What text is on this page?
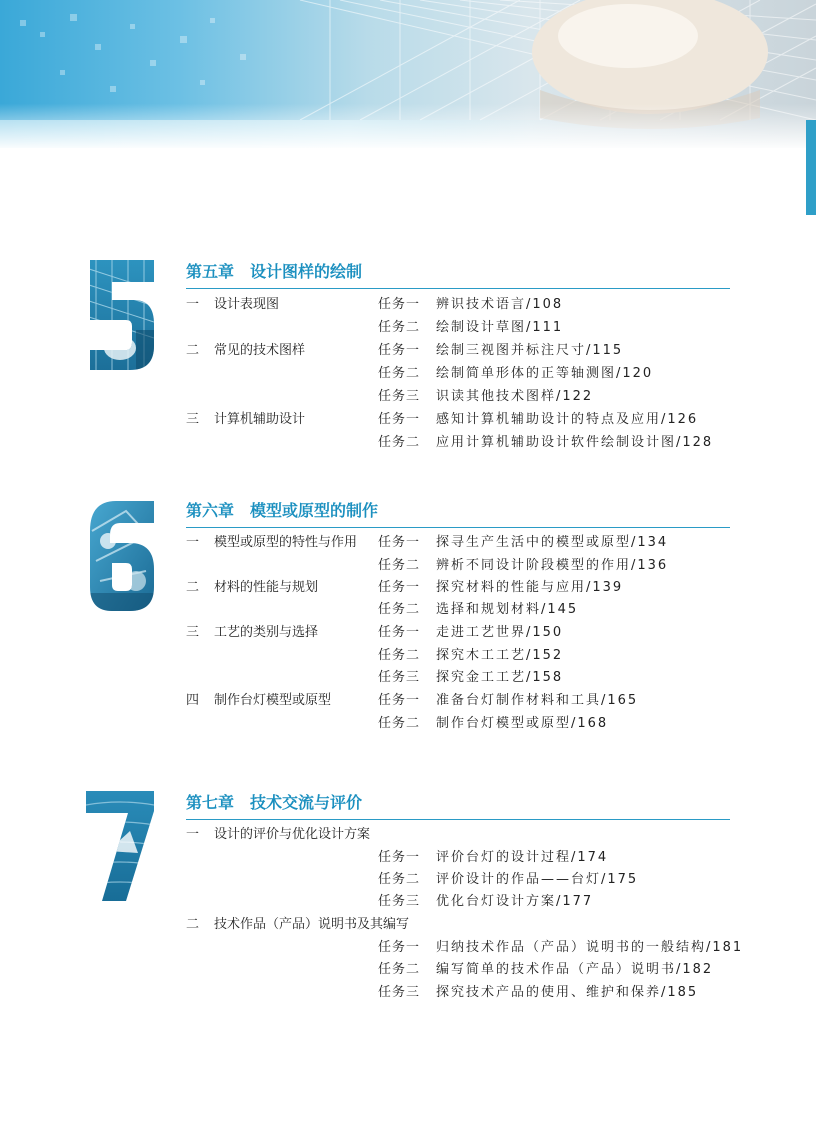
第五章 设计图样的绘制
一	设计表现图	任务一 辨识技术语言/108
任务二 绘制设计草图/111
二	常见的技术图样	任务一 绘制三视图并标注尺寸/115
任务二 绘制简单形体的正等轴测图/120
任务三 识读其他技术图样/122
三	计算机辅助设计	任务一 感知计算机辅助设计的特点及应用/126
任务二 应用计算机辅助设计软件绘制设计图/128
第六章 模型或原型的制作
一	模型或原型的特性与作用 任务一 探寻生产生活中的模型或原型/134
任务二 辨析不同设计阶段模型的作用/136
二	材料的性能与规划	任务一 探究材料的性能与应用/139
任务二 选择和规划材料/145
三	工艺的类别与选择	任务一 走进工艺世界/150
任务二 探究木工工艺/152
任务三 探究金工工艺/158
四	制作台灯模型或原型	任务一 准备台灯制作材料和工具/165
任务二 制作台灯模型或原型/168
第七章 技术交流与评价
一	设计的评价与优化设计方案
任务一 评价台灯的设计过程/174
任务二 评价设计的作品——台灯/175
任务三 优化台灯设计方案/177
二	技术作品（产品）说明书及其编写
任务一 归纳技术作品（产品）说明书的一般结构/181
任务二 编写简单的技术作品（产品）说明书/182
任务三 探究技术产品的使用、维护和保养/185
